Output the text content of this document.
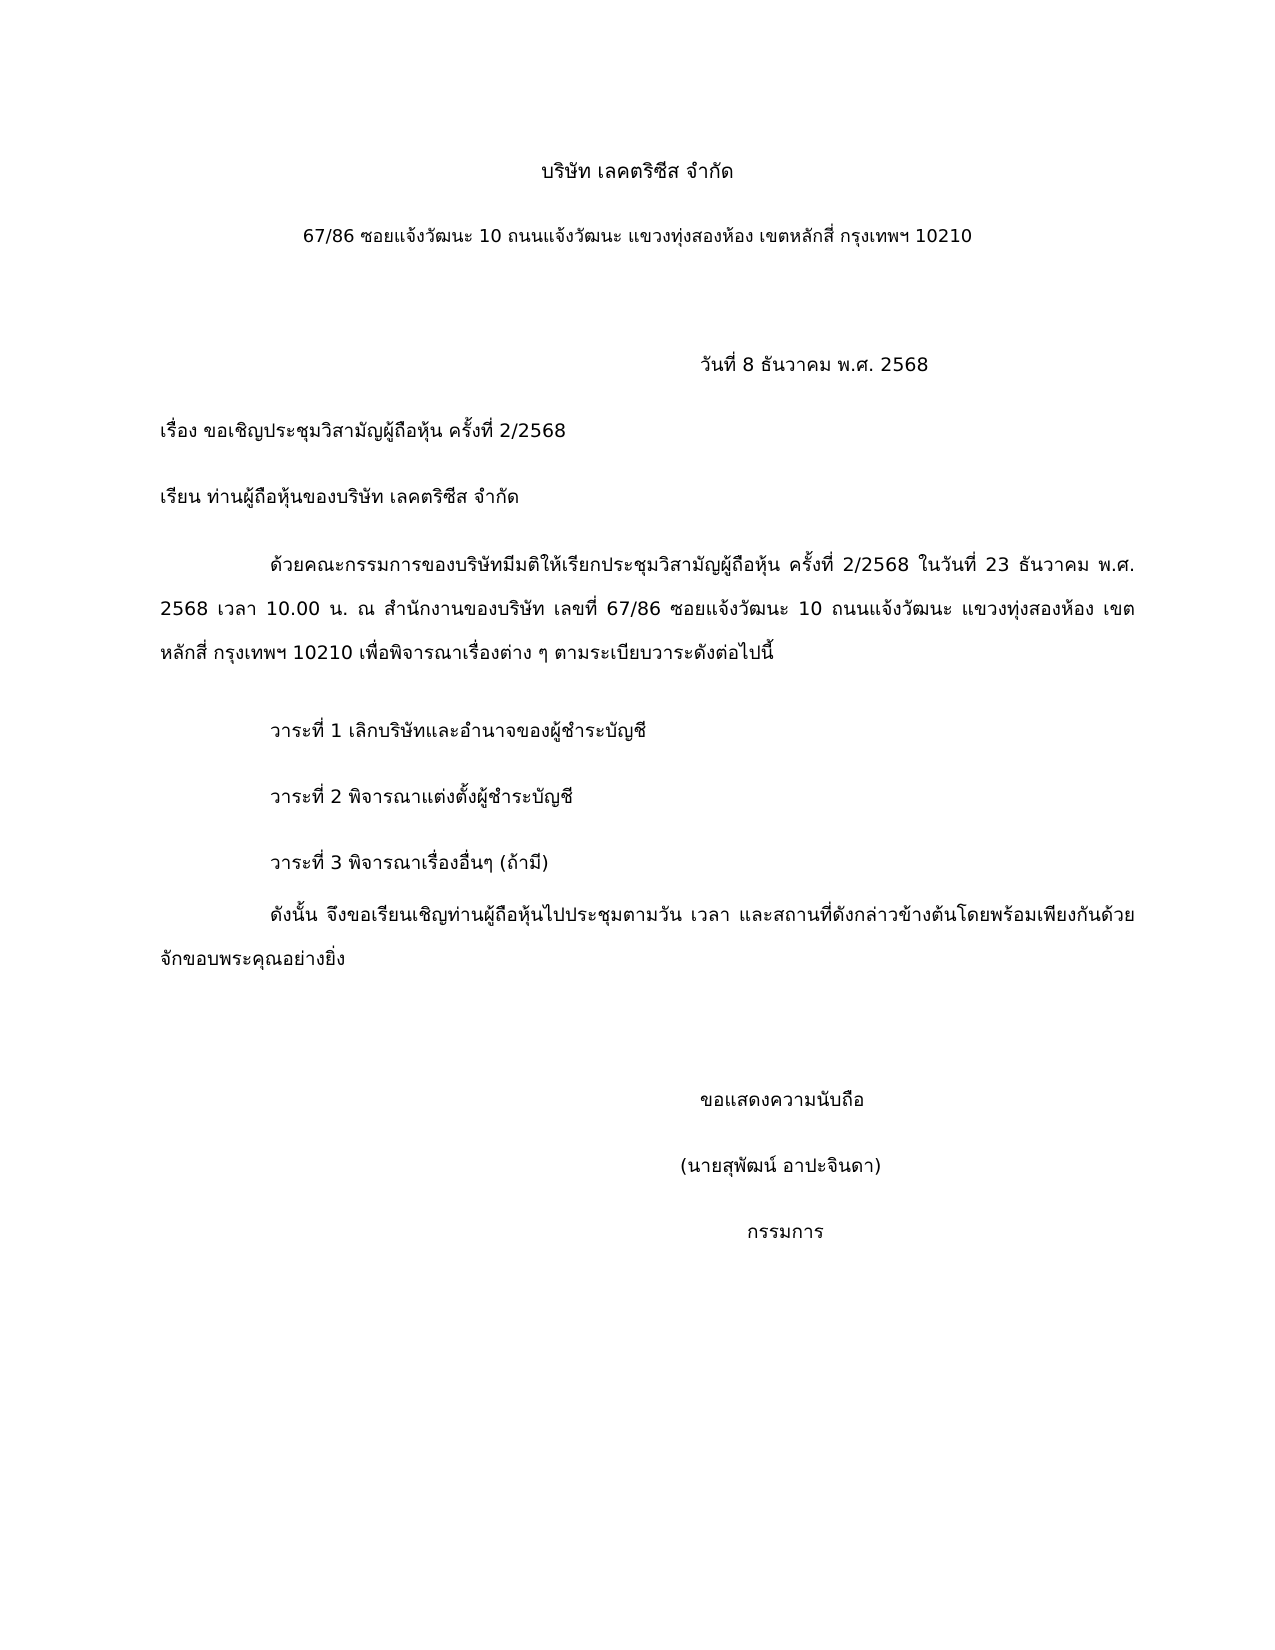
บริษัท เลคตริซีส จำกัด
67/86 ซอยแจ้งวัฒนะ 10 ถนนแจ้งวัฒนะ แขวงทุ่งสองห้อง เขตหลักสี่ กรุงเทพฯ 10210
วันที่ 8 ธันวาคม พ.ศ. 2568
เรื่อง ขอเชิญประชุมวิสามัญผู้ถือหุ้น ครั้งที่ 2/2568
เรียน ท่านผู้ถือหุ้นของบริษัท เลคตริซีส จำกัด
ด้วยคณะกรรมการของบริษัทมีมติให้เรียกประชุมวิสามัญผู้ถือหุ้น ครั้งที่ 2/2568 ในวันที่ 23 ธันวาคม พ.ศ. 2568 เวลา 10.00 น. ณ สำนักงานของบริษัท เลขที่ 67/86 ซอยแจ้งวัฒนะ 10 ถนนแจ้งวัฒนะ แขวงทุ่งสองห้อง เขตหลักสี่ กรุงเทพฯ 10210 เพื่อพิจารณาเรื่องต่าง ๆ ตามระเบียบวาระดังต่อไปนี้
วาระที่ 1 เลิกบริษัทและอำนาจของผู้ชำระบัญชี
วาระที่ 2 พิจารณาแต่งตั้งผู้ชำระบัญชี
วาระที่ 3 พิจารณาเรื่องอื่นๆ (ถ้ามี)
ดังนั้น จึงขอเรียนเชิญท่านผู้ถือหุ้นไปประชุมตามวัน เวลา และสถานที่ดังกล่าวข้างต้นโดยพร้อมเพียงกันด้วย จักขอบพระคุณอย่างยิ่ง
ขอแสดงความนับถือ
(นายสุพัฒน์ อาปะจินดา)
กรรมการ
